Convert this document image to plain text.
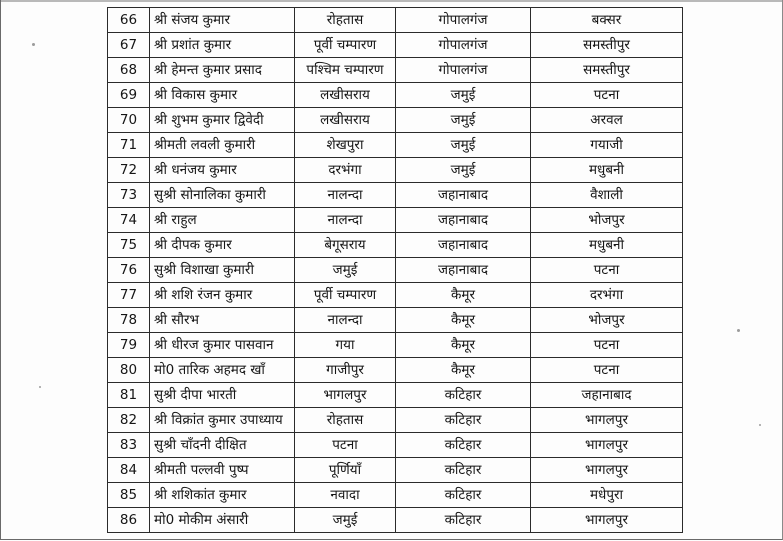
66	श्री संजय कुमार	रोहतास	गोपालगंज	बक्सर
67	श्री प्रशांत कुमार	पूर्वी चम्पारण	गोपालगंज	समस्तीपुर
68	श्री हेमन्त कुमार प्रसाद	पश्चिम चम्पारण	गोपालगंज	समस्तीपुर
69	श्री विकास कुमार	लखीसराय	जमुई	पटना
70	श्री शुभम कुमार द्विवेदी	लखीसराय	जमुई	अरवल
71	श्रीमती लवली कुमारी	शेखपुरा	जमुई	गयाजी
72	श्री धनंजय कुमार	दरभंगा	जमुई	मधुबनी
73	सुश्री सोनालिका कुमारी	नालन्दा	जहानाबाद	वैशाली
74	श्री राहुल	नालन्दा	जहानाबाद	भोजपुर
75	श्री दीपक कुमार	बेगूसराय	जहानाबाद	मधुबनी
76	सुश्री विशाखा कुमारी	जमुई	जहानाबाद	पटना
77	श्री शशि रंजन कुमार	पूर्वी चम्पारण	कैमूर	दरभंगा
78	श्री सौरभ	नालन्दा	कैमूर	भोजपुर
79	श्री धीरज कुमार पासवान	गया	कैमूर	पटना
80	मो0 तारिक अहमद खाँ	गाजीपुर	कैमूर	पटना
81	सुश्री दीपा भारती	भागलपुर	कटिहार	जहानाबाद
82	श्री विक्रांत कुमार उपाध्याय	रोहतास	कटिहार	भागलपुर
83	सुश्री चाँदनी दीक्षित	पटना	कटिहार	भागलपुर
84	श्रीमती पल्लवी पुष्प	पूर्णियाँ	कटिहार	भागलपुर
85	श्री शशिकांत कुमार	नवादा	कटिहार	मधेपुरा
86	मो0 मोकीम अंसारी	जमुई	कटिहार	भागलपुर
